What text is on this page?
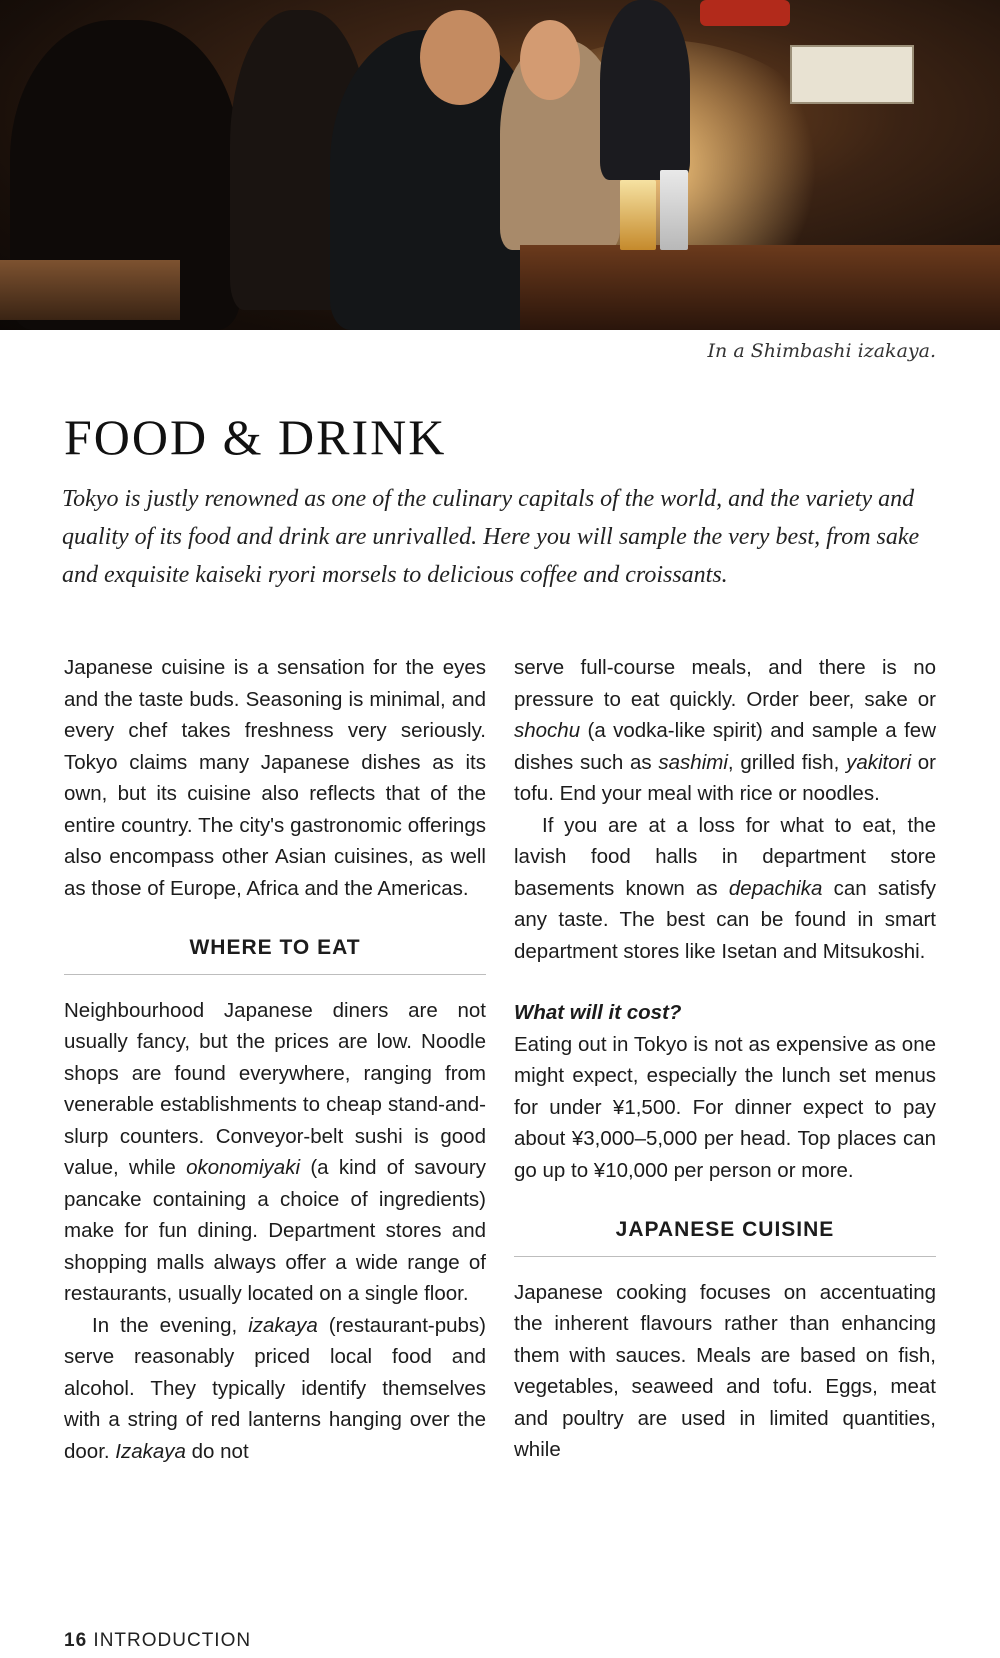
In a Shimbashi izakaya.
FOOD & DRINK

Tokyo is justly renowned as one of the culinary capitals of the world, and the variety and quality of its food and drink are unrivalled. Here you will sample the very best, from sake and exquisite kaiseki ryori morsels to delicious coffee and croissants.

Japanese cuisine is a sensation for the eyes and the taste buds. Seasoning is minimal, and every chef takes freshness very seriously. Tokyo claims many Japanese dishes as its own, but its cuisine also reflects that of the entire country. The city's gastronomic offerings also encompass other Asian cuisines, as well as those of Europe, Africa and the Americas.

WHERE TO EAT

Neighbourhood Japanese diners are not usually fancy, but the prices are low. Noodle shops are found everywhere, ranging from venerable establishments to cheap stand-and-slurp counters. Conveyor-belt sushi is good value, while okonomiyaki (a kind of savoury pancake containing a choice of ingredients) make for fun dining. Department stores and shopping malls always offer a wide range of restaurants, usually located on a single floor.

In the evening, izakaya (restaurant-pubs) serve reasonably priced local food and alcohol. They typically identify themselves with a string of red lanterns hanging over the door. Izakaya do not

serve full-course meals, and there is no pressure to eat quickly. Order beer, sake or shochu (a vodka-like spirit) and sample a few dishes such as sashimi, grilled fish, yakitori or tofu. End your meal with rice or noodles.

If you are at a loss for what to eat, the lavish food halls in department store basements known as depachika can satisfy any taste. The best can be found in smart department stores like Isetan and Mitsukoshi.

What will it cost?

Eating out in Tokyo is not as expensive as one might expect, especially the lunch set menus for under ¥1,500. For dinner expect to pay about ¥3,000–5,000 per head. Top places can go up to ¥10,000 per person or more.

JAPANESE CUISINE

Japanese cooking focuses on accentuating the inherent flavours rather than enhancing them with sauces. Meals are based on fish, vegetables, seaweed and tofu. Eggs, meat and poultry are used in limited quantities, while

16 INTRODUCTION
